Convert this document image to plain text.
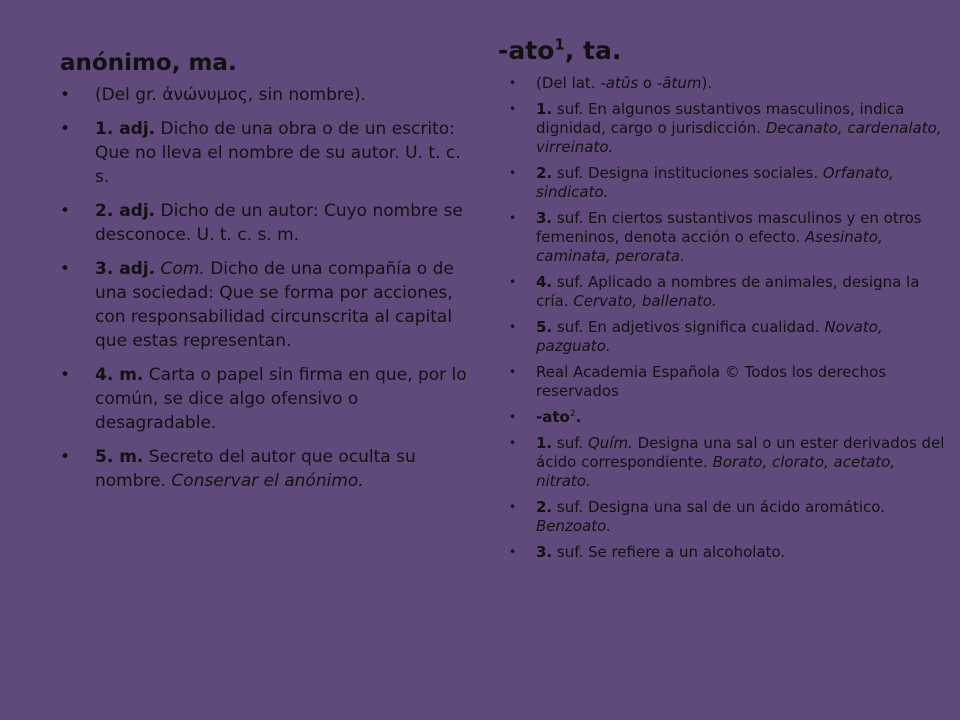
anónimo, ma.
• (Del gr. ἀνώνυμος, sin nombre).
• 1. adj. Dicho de una obra o de un escrito: Que no lleva el nombre de su autor. U. t. c. s.
• 2. adj. Dicho de un autor: Cuyo nombre se desconoce. U. t. c. s. m.
• 3. adj. Com. Dicho de una compañía o de una sociedad: Que se forma por acciones, con responsabilidad circunscrita al capital que estas representan.
• 4. m. Carta o papel sin firma en que, por lo común, se dice algo ofensivo o desagradable.
• 5. m. Secreto del autor que oculta su nombre. Conservar el anónimo.
-ato$^1$, ta.
• (Del lat. -atūs o -ātum).
• 1. suf. En algunos sustantivos masculinos, indica dignidad, cargo o jurisdicción. Decanato, cardenalato, virreinato.
• 2. suf. Designa instituciones sociales. Orfanato, sindicato.
• 3. suf. En ciertos sustantivos masculinos y en otros femeninos, denota acción o efecto. Asesinato, caminata, perorata.
• 4. suf. Aplicado a nombres de animales, designa la cría. Cervato, ballenato.
• 5. suf. En adjetivos significa cualidad. Novato, pazguato.
• Real Academia Española © Todos los derechos reservados
• -ato$^2$.
• 1. suf. Quím. Designa una sal o un ester derivados del ácido correspondiente. Borato, clorato, acetato, nitrato.
• 2. suf. Designa una sal de un ácido aromático. Benzoato.
• 3. suf. Se refiere a un alcoholato.
